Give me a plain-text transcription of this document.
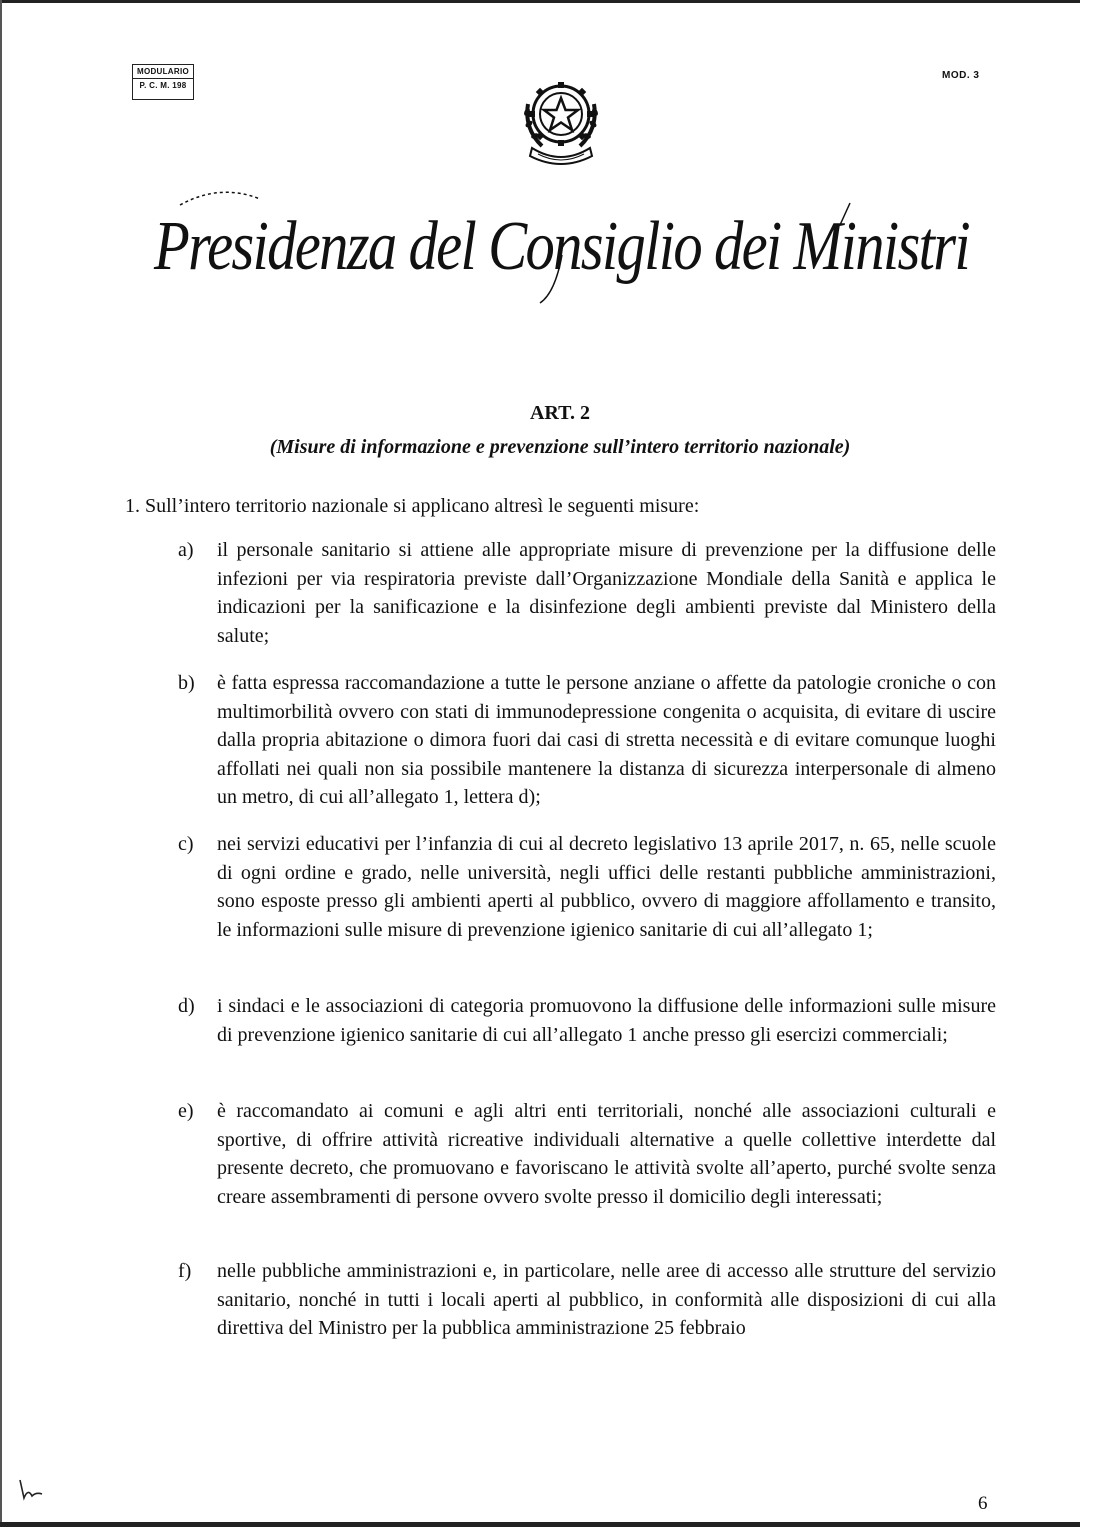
MODULARIO
P. C. M. 198
MOD. 3
Presidenza del Consiglio dei Ministri
ART. 2
(Misure di informazione e prevenzione sull’intero territorio nazionale)
1. Sull’intero territorio nazionale si applicano altresì le seguenti misure:
a)	il personale sanitario si attiene alle appropriate misure di prevenzione per la diffusione delle infezioni per via respiratoria previste dall’Organizzazione Mondiale della Sanità e applica le indicazioni per la sanificazione e la disinfezione degli ambienti previste dal Ministero della salute;
b)	è fatta espressa raccomandazione a tutte le persone anziane o affette da patologie croniche o con multimorbilità ovvero con stati di immunodepressione congenita o acquisita, di evitare di uscire dalla propria abitazione o dimora fuori dai casi di stretta necessità e di evitare comunque luoghi affollati nei quali non sia possibile mantenere la distanza di sicurezza interpersonale di almeno un metro, di cui all’allegato 1, lettera d);
c)	nei servizi educativi per l’infanzia di cui al decreto legislativo 13 aprile 2017, n. 65, nelle scuole di ogni ordine e grado, nelle università, negli uffici delle restanti pubbliche amministrazioni, sono esposte presso gli ambienti aperti al pubblico, ovvero di maggiore affollamento e transito, le informazioni sulle misure di prevenzione igienico sanitarie di cui all’allegato 1;
d)	i sindaci e le associazioni di categoria promuovono la diffusione delle informazioni sulle misure di prevenzione igienico sanitarie di cui all’allegato 1 anche presso gli esercizi commerciali;
e)	è raccomandato ai comuni e agli altri enti territoriali, nonché alle associazioni culturali e sportive, di offrire attività ricreative individuali alternative a quelle collettive interdette dal presente decreto, che promuovano e favoriscano le attività svolte all’aperto, purché svolte senza creare assembramenti di persone ovvero svolte presso il domicilio degli interessati;
f)	nelle pubbliche amministrazioni e, in particolare, nelle aree di accesso alle strutture del servizio sanitario, nonché in tutti i locali aperti al pubblico, in conformità alle disposizioni di cui alla direttiva del Ministro per la pubblica amministrazione 25 febbraio
6
